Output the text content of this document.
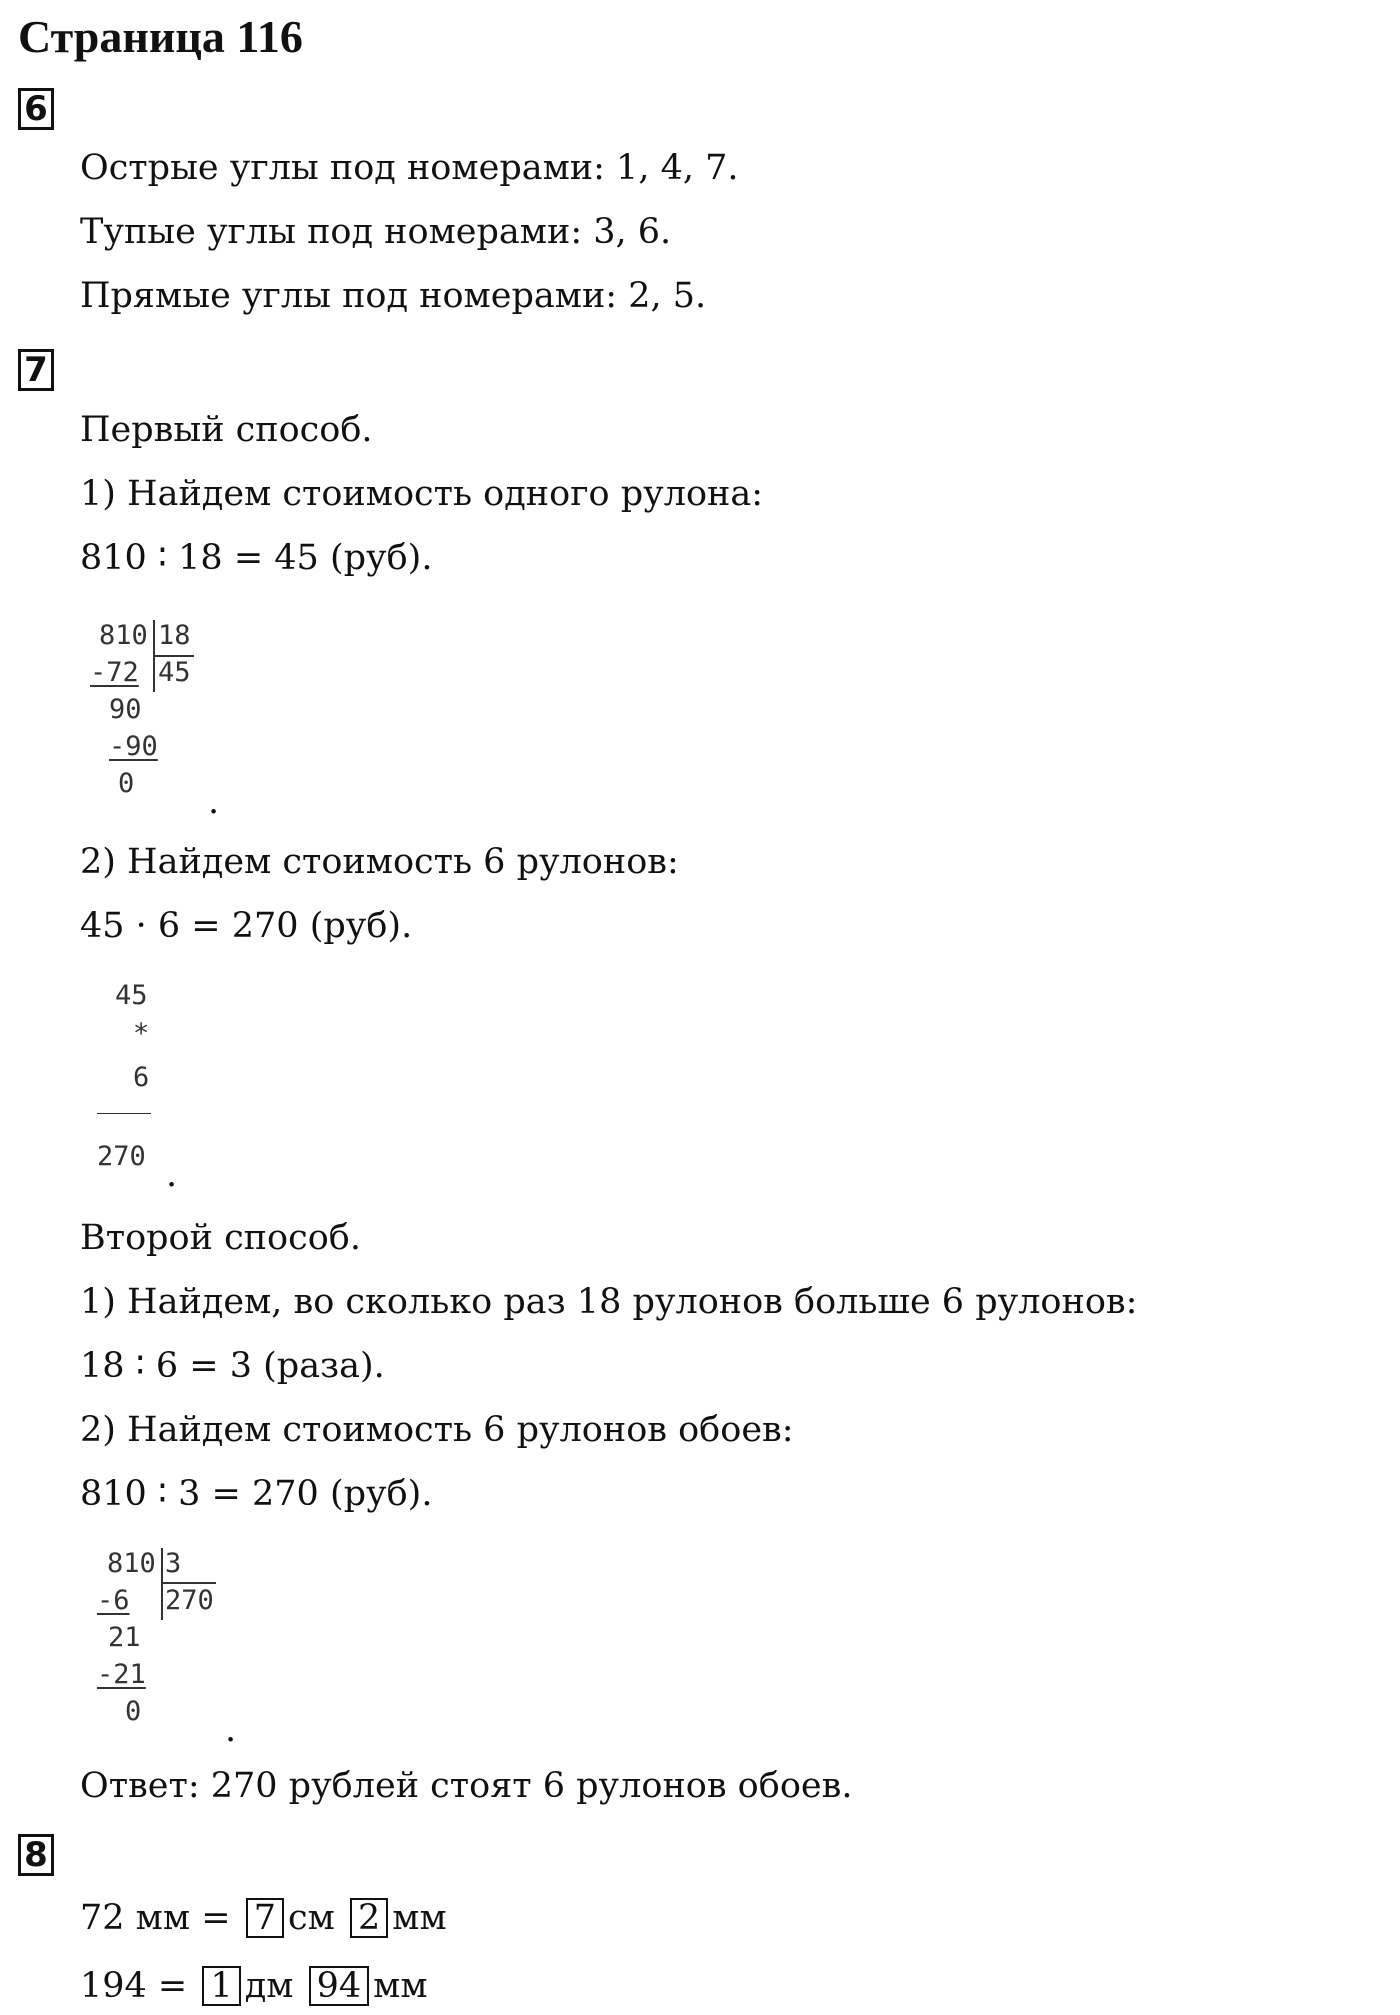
Страница 116
6
Острые углы под номерами: 1, 4, 7.
Тупые углы под номерами: 3, 6.
Прямые углы под номерами: 2, 5.
7
Первый способ.
1) Найдем стоимость одного рулона:
810 ∶ 18 = 45 (руб).
810 18
-72 45
90
-90
0 .
2) Найдем стоимость 6 рулонов:
45 · 6 = 270 (руб).
45
*
6
270 .
Второй способ.
1) Найдем, во сколько раз 18 рулонов больше 6 рулонов:
18 ∶ 6 = 3 (раза).
2) Найдем стоимость 6 рулонов обоев:
810 ∶ 3 = 270 (руб).
810 3
-6 270
21
-21
0 .
Ответ: 270 рублей стоят 6 рулонов обоев.
8
72 мм = 7 см 2 мм
194 = 1 дм 94 мм
